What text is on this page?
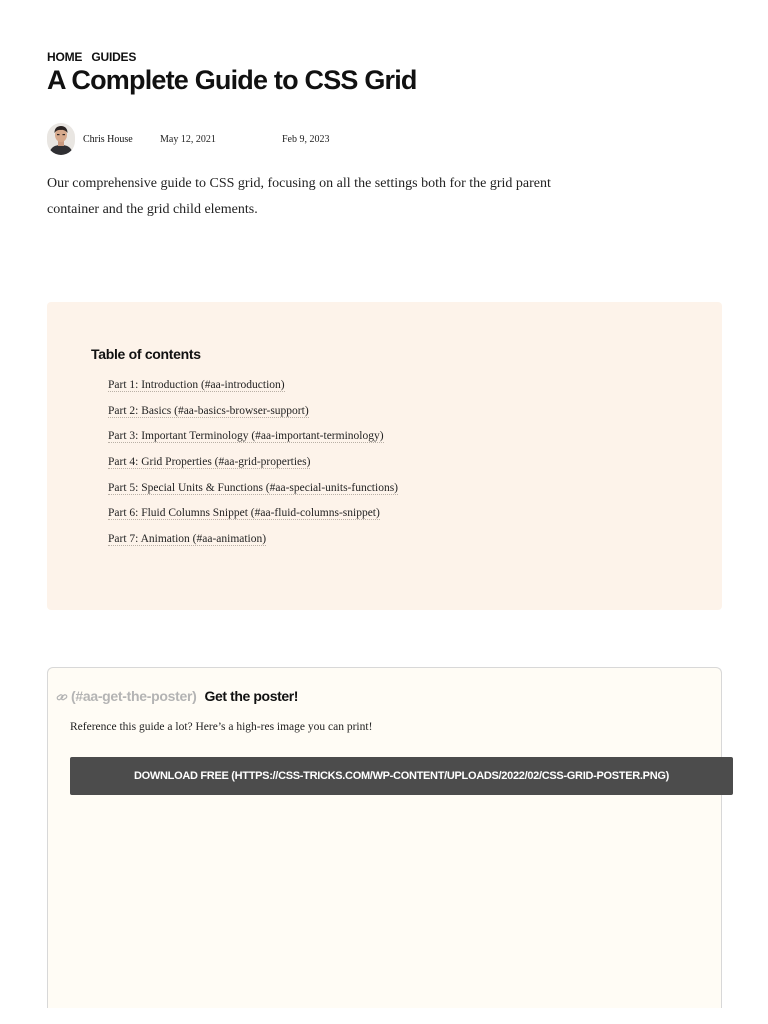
HOME GUIDES
A Complete Guide to CSS Grid
Chris House	May 12, 2021	Feb 9, 2023

Our comprehensive guide to CSS grid, focusing on all the settings both for the grid parent container and the grid child elements.

Table of contents
Part 1: Introduction (#aa-introduction)
Part 2: Basics (#aa-basics-browser-support)
Part 3: Important Terminology (#aa-important-terminology)
Part 4: Grid Properties (#aa-grid-properties)
Part 5: Special Units & Functions (#aa-special-units-functions)
Part 6: Fluid Columns Snippet (#aa-fluid-columns-snippet)
Part 7: Animation (#aa-animation)
(#aa-get-the-poster) Get the poster!

Reference this guide a lot? Here’s a high-res image you can print!

DOWNLOAD FREE (HTTPS://CSS-TRICKS.COM/WP-CONTENT/UPLOADS/2022/02/CSS-GRID-POSTER.PNG)
